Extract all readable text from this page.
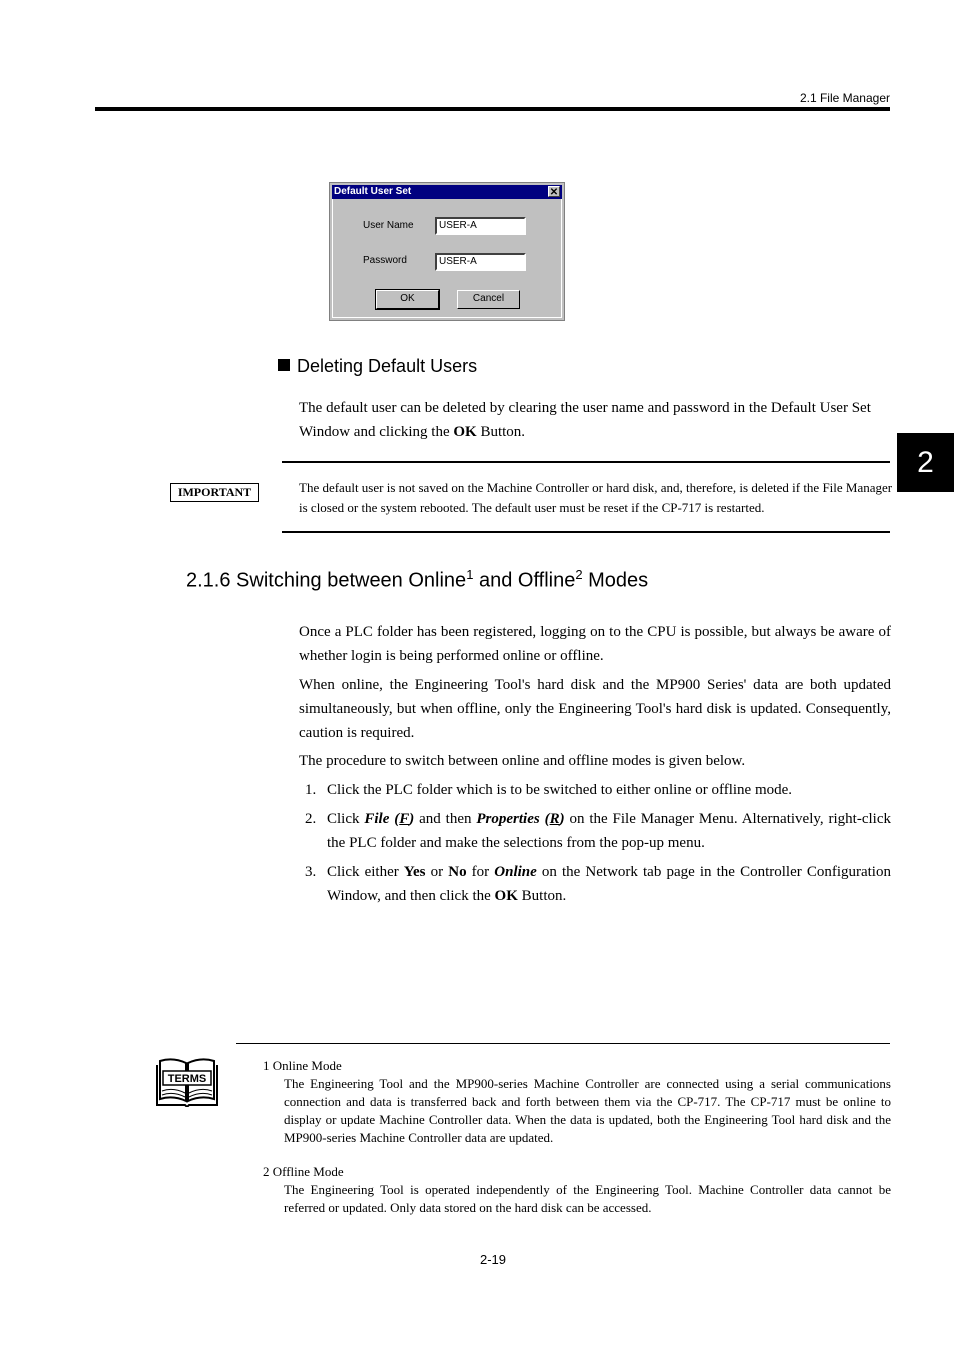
2.1 File Manager
2
Default User Set	✕
User Name	USER-A
Password	USER-A
OK	Cancel
Deleting Default Users
The default user can be deleted by clearing the user name and password in the Default User Set Window and clicking the OK Button.
IMPORTANT	The default user is not saved on the Machine Controller or hard disk, and, therefore, is deleted if the File Manager is closed or the system rebooted. The default user must be reset if the CP-717 is restarted.
2.1.6 Switching between Online$^1$ and Offline$^2$ Modes
Once a PLC folder has been registered, logging on to the CPU is possible, but always be aware of whether login is being performed online or offline.
When online, the Engineering Tool's hard disk and the MP900 Series' data are both updated simultaneously, but when offline, only the Engineering Tool's hard disk is updated. Consequently, caution is required.
The procedure to switch between online and offline modes is given below.
1. Click the PLC folder which is to be switched to either online or offline mode.
2. Click File (F) and then Properties (R) on the File Manager Menu. Alternatively, right-click the PLC folder and make the selections from the pop-up menu.
3. Click either Yes or No for Online on the Network tab page in the Controller Configuration Window, and then click the OK Button.
TERMS

1 Online Mode

The Engineering Tool and the MP900-series Machine Controller are connected using a serial communications connection and data is transferred back and forth between them via the CP-717. The CP-717 must be online to display or update Machine Controller data. When the data is updated, both the Engineering Tool hard disk and the MP900-series Machine Controller data are updated.

2 Offline Mode

The Engineering Tool is operated independently of the Engineering Tool. Machine Controller data cannot be referred or updated. Only data stored on the hard disk can be accessed.

2-19
